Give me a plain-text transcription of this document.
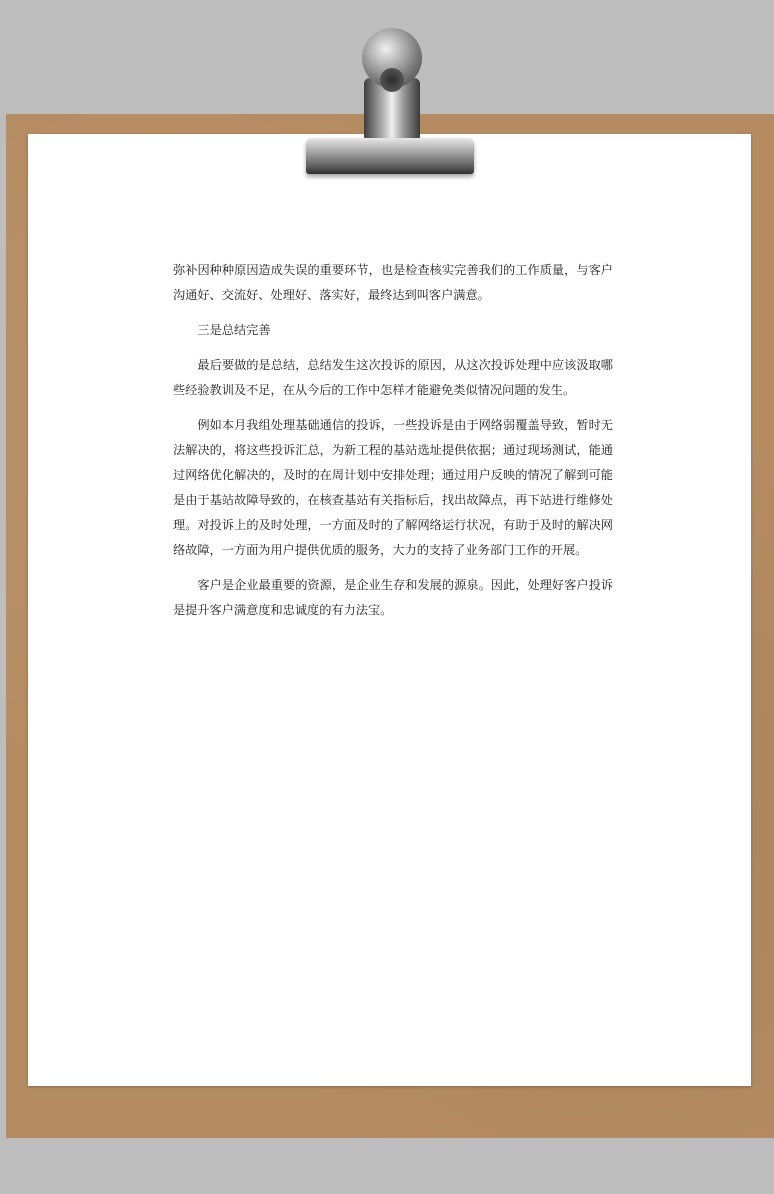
弥补因种种原因造成失误的重要环节，也是检查核实完善我们的工作质量，与客户沟通好、交流好、处理好、落实好，最终达到叫客户满意。

三是总结完善

最后要做的是总结，总结发生这次投诉的原因，从这次投诉处理中应该汲取哪些经验教训及不足，在从今后的工作中怎样才能避免类似情况问题的发生。

例如本月我组处理基础通信的投诉，一些投诉是由于网络弱覆盖导致，暂时无法解决的，将这些投诉汇总，为新工程的基站选址提供依据；通过现场测试，能通过网络优化解决的，及时的在周计划中安排处理；通过用户反映的情况了解到可能是由于基站故障导致的，在核查基站有关指标后，找出故障点，再下站进行维修处理。对投诉上的及时处理，一方面及时的了解网络运行状况，有助于及时的解决网络故障，一方面为用户提供优质的服务，大力的支持了业务部门工作的开展。

客户是企业最重要的资源，是企业生存和发展的源泉。因此，处理好客户投诉是提升客户满意度和忠诚度的有力法宝。
